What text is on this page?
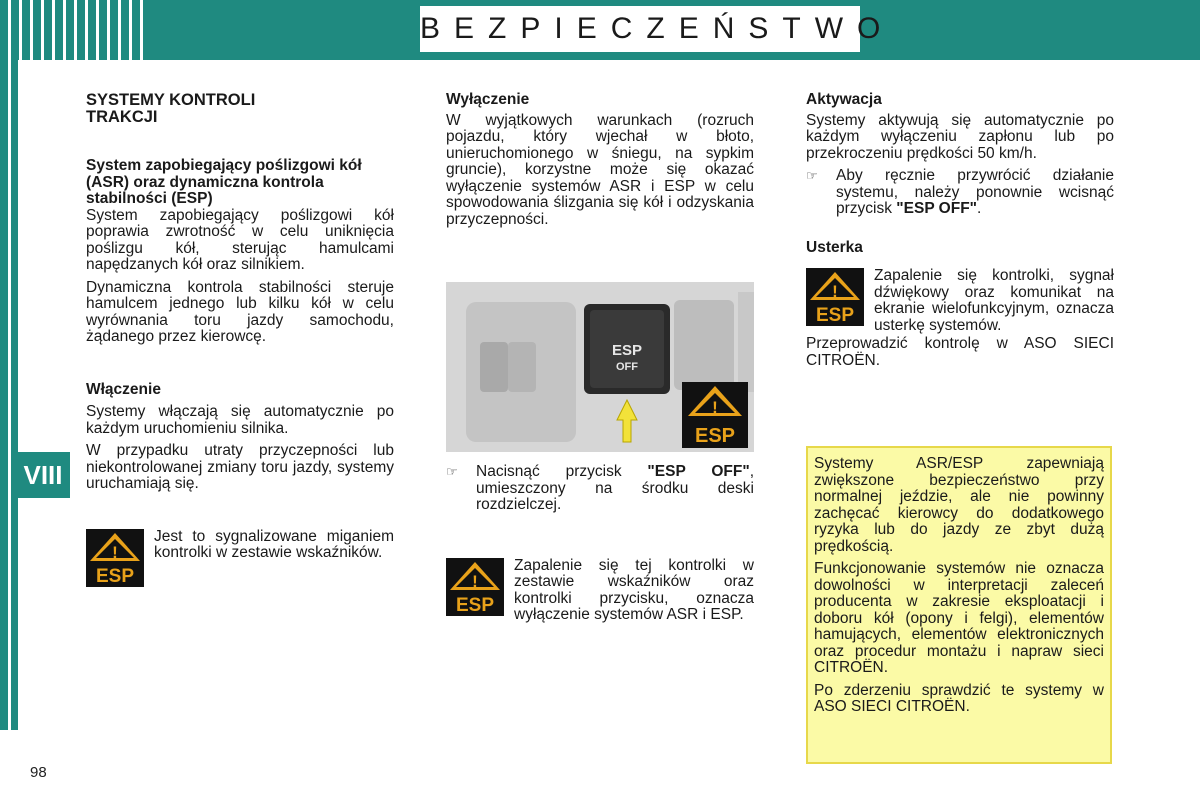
BEZPIECZEŃSTWO
VIII
98
SYSTEMY KONTROLI TRAKCJI
System zapobiegający poślizgowi kół (ASR) oraz dynamiczna kontrola stabilności (ESP)

System zapobiegający poślizgowi kół poprawia zwrotność w celu uniknięcia poślizgu kół, sterując hamulcami napędzanych kół oraz silnikiem.

Dynamiczna kontrola stabilności steruje hamulcem jednego lub kilku kół w celu wyrównania toru jazdy samochodu, żądanego przez kierowcę.

Włączenie

Systemy włączają się automatycznie po każdym uruchomieniu silnika.

W przypadku utraty przyczepności lub niekontrolowanej zmiany toru jazdy, systemy uruchamiają się.

!
ESP
Jest to sygnalizowane miganiem kontrolki w zestawie wskaźników.
Wyłączenie

W wyjątkowych warunkach (rozruch pojazdu, który wjechał w błoto, unieruchomionego w śniegu, na sypkim gruncie), korzystne może się okazać wyłączenie systemów ASR i ESP w celu spowodowania ślizgania się kół i odzyskania przyczepności.

ESP
OFF
!
ESP
☞	Nacisnąć przycisk "ESP OFF", umieszczony na środku deski rozdzielczej.
!
ESP
Zapalenie się tej kontrolki w zestawie wskaźników oraz kontrolki przycisku, oznacza wyłączenie systemów ASR i ESP.
Aktywacja

Systemy aktywują się automatycznie po każdym wyłączeniu zapłonu lub po przekroczeniu prędkości 50 km/h.

☞	Aby ręcznie przywrócić działanie systemu, należy ponownie wcisnąć przycisk "ESP OFF".
Usterka
!
ESP
Zapalenie się kontrolki, sygnał dźwiękowy oraz komunikat na ekranie wielofunkcyjnym, oznacza usterkę systemów.

Przeprowadzić kontrolę w ASO SIECI CITROËN.

Systemy ASR/ESP zapewniają zwiększone bezpieczeństwo przy normalnej jeździe, ale nie powinny zachęcać kierowcy do dodatkowego ryzyka lub do jazdy ze zbyt dużą prędkością.

Funkcjonowanie systemów nie oznacza dowolności w interpretacji zaleceń producenta w zakresie eksploatacji i doboru kół (opony i felgi), elementów hamujących, elementów elektronicznych oraz procedur montażu i napraw sieci CITROËN.

Po zderzeniu sprawdzić te systemy w ASO SIECI CITROËN.
